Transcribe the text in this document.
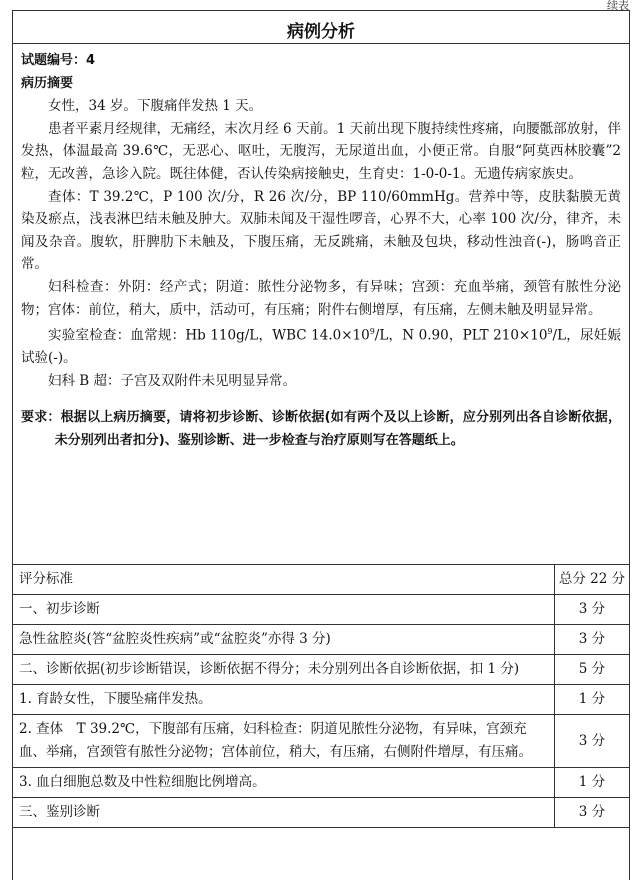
续表
病例分析
试题编号：4
病历摘要

女性，34 岁。下腹痛伴发热 1 天。

患者平素月经规律，无痛经，末次月经 6 天前。1 天前出现下腹持续性疼痛，向腰骶部放射，伴发热，体温最高 39.6℃，无恶心、呕吐，无腹泻，无尿道出血，小便正常。自服“阿莫西林胶囊”2 粒，无改善，急诊入院。既往体健，否认传染病接触史，生育史：1-0-0-1。无遗传病家族史。

查体：T 39.2℃，P 100 次/分，R 26 次/分，BP 110/60mmHg。营养中等，皮肤黏膜无黄染及瘀点，浅表淋巴结未触及肿大。双肺未闻及干湿性啰音，心界不大，心率 100 次/分，律齐，未闻及杂音。腹软，肝脾肋下未触及，下腹压痛，无反跳痛，未触及包块，移动性浊音(-)，肠鸣音正常。

妇科检查：外阴：经产式；阴道：脓性分泌物多，有异味；宫颈：充血举痛，颈管有脓性分泌物；宫体：前位，稍大，质中，活动可，有压痛；附件右侧增厚，有压痛，左侧未触及明显异常。

实验室检查：血常规：Hb 110g/L，WBC $14.0\times 10^9/L$，N 0.90，PLT $210\times 10^9/L$，尿妊娠试验(-)。

妇科 B 超：子宫及双附件未见明显异常。

要求：根据以上病历摘要，请将初步诊断、诊断依据(如有两个及以上诊断，应分别列出各自诊断依据，未分别列出者扣分)、鉴别诊断、进一步检查与治疗原则写在答题纸上。
评分标准	总分 22 分
一、初步诊断	3 分
急性盆腔炎(答“盆腔炎性疾病”或“盆腔炎”亦得 3 分)	3 分
二、诊断依据(初步诊断错误，诊断依据不得分；未分别列出各自诊断依据，扣 1 分)	5 分
1. 育龄女性，下腰坠痛伴发热。	1 分
2. 查体　T 39.2℃，下腹部有压痛，妇科检查：阴道见脓性分泌物，有异味，宫颈充血、举痛，宫颈管有脓性分泌物；宫体前位，稍大，有压痛，右侧附件增厚，有压痛。	3 分
3. 血白细胞总数及中性粒细胞比例增高。	1 分
三、鉴别诊断	3 分
